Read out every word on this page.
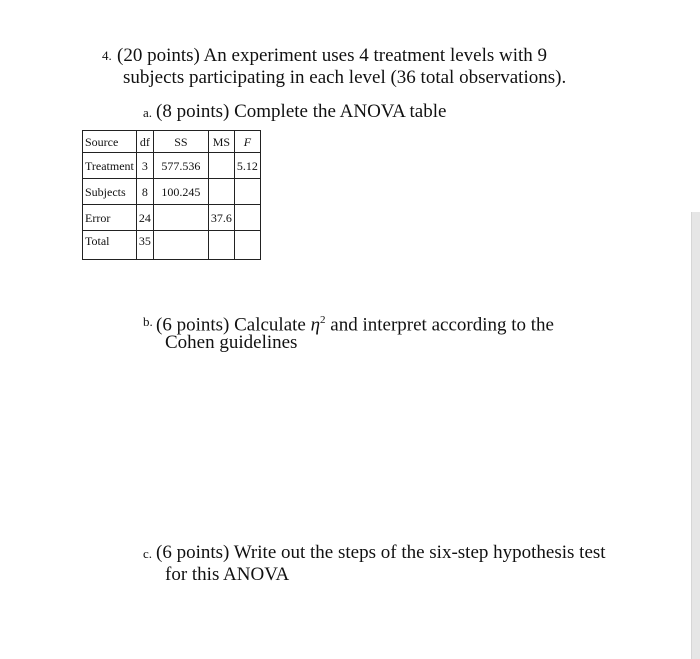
4. (20 points) An experiment uses 4 treatment levels with 9
subjects participating in each level (36 total observations).
a. (8 points) Complete the ANOVA table
Source	df	SS	MS	F
Treatment	3	577.536		5.12
Subjects	8	100.245		
Error	24		37.6	
Total	35			
b. (6 points) Calculate $\eta^2$ and interpret according to the
Cohen guidelines
c. (6 points) Write out the steps of the six-step hypothesis test
for this ANOVA
